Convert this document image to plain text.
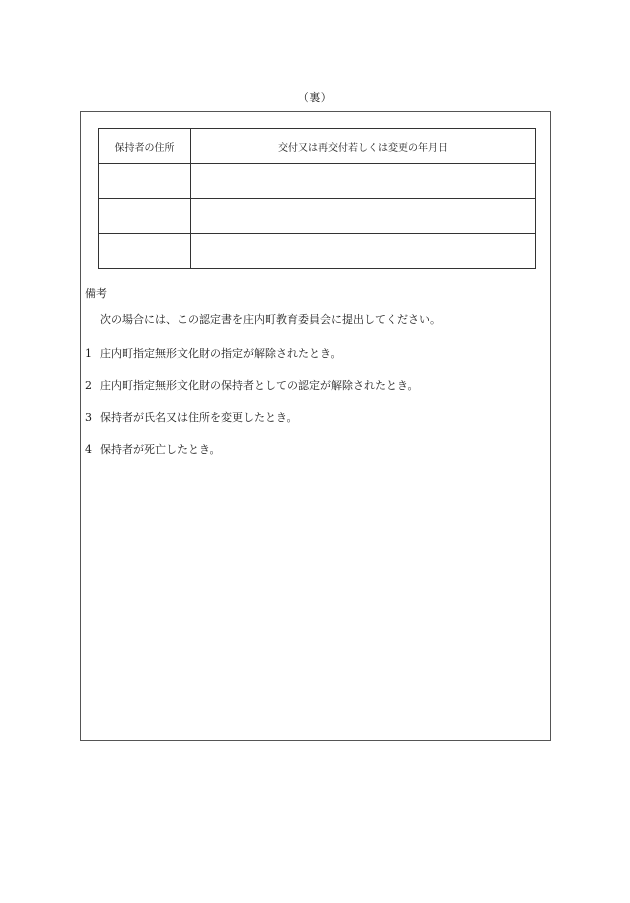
（裏）
保持者の住所	交付又は再交付若しくは変更の年月日

備考
次の場合には、この認定書を庄内町教育委員会に提出してください。
1 庄内町指定無形文化財の指定が解除されたとき。
2 庄内町指定無形文化財の保持者としての認定が解除されたとき。
3 保持者が氏名又は住所を変更したとき。
4 保持者が死亡したとき。
